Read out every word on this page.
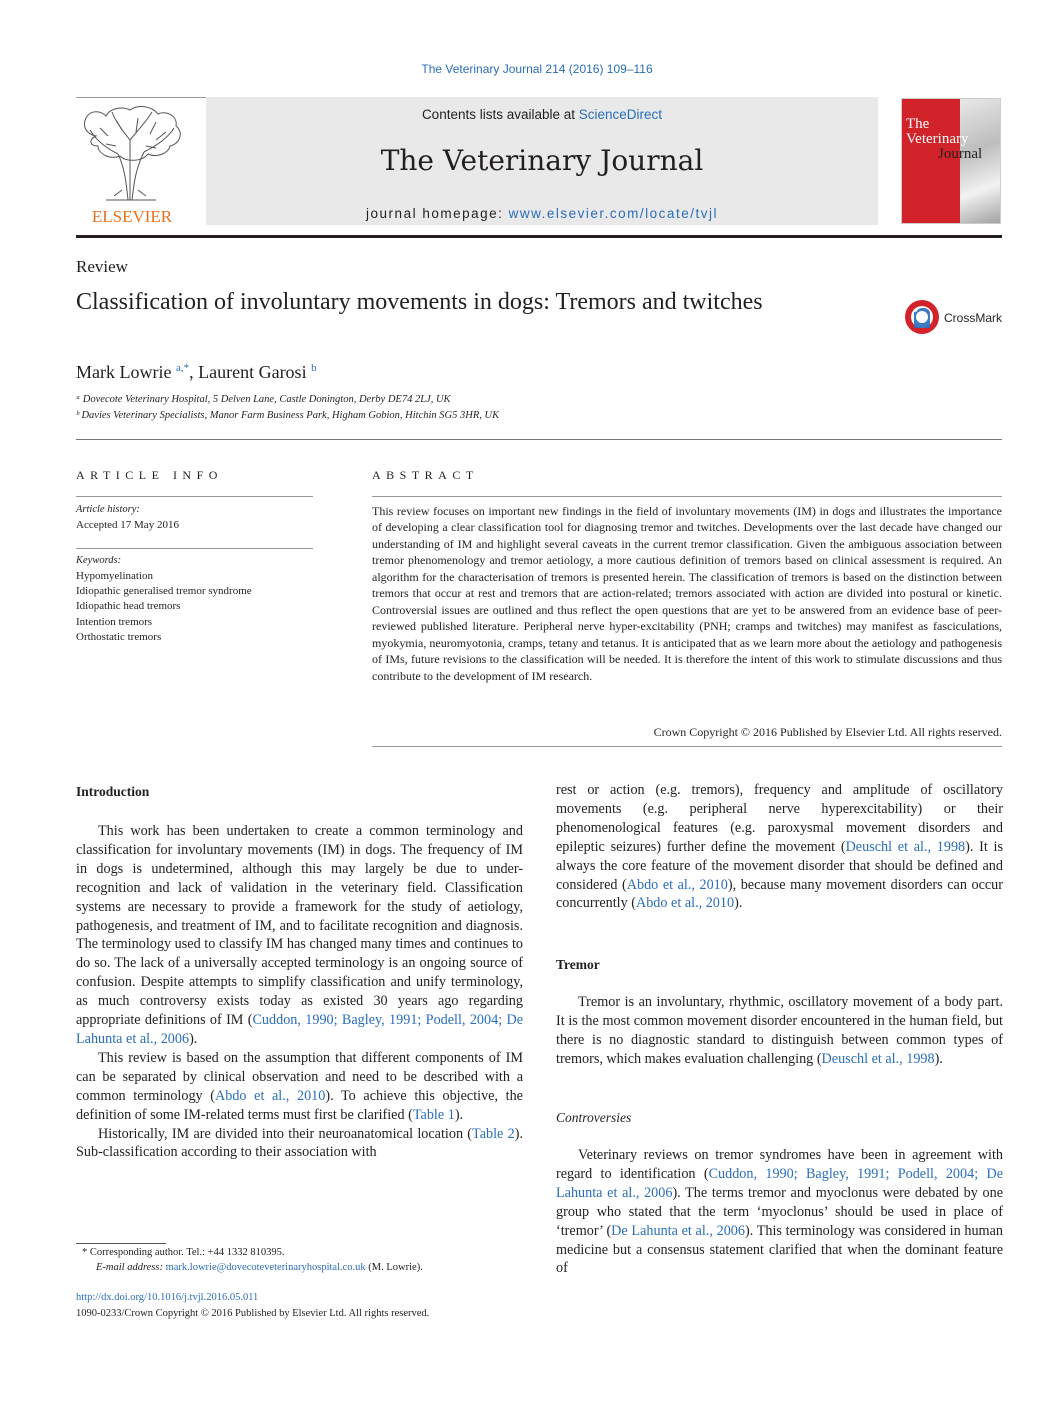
The Veterinary Journal 214 (2016) 109–116
Contents lists available at ScienceDirect
The Veterinary Journal
journal homepage: www.elsevier.com/locate/tvjl
ELSEVIER
The
Veterinary
Journal
Review
Classification of involuntary movements in dogs: Tremors and twitches
CrossMark
Mark Lowrie $^{a,*}$, Laurent Garosi $^b$
ᵃ Dovecote Veterinary Hospital, 5 Delven Lane, Castle Donington, Derby DE74 2LJ, UK
ᵇ Davies Veterinary Specialists, Manor Farm Business Park, Higham Gobion, Hitchin SG5 3HR, UK
ARTICLE INFO
Article history:
Accepted 17 May 2016
Keywords:
Hypomyelination
Idiopathic generalised tremor syndrome
Idiopathic head tremors
Intention tremors
Orthostatic tremors
ABSTRACT
This review focuses on important new findings in the field of involuntary movements (IM) in dogs and illustrates the importance of developing a clear classification tool for diagnosing tremor and twitches. Developments over the last decade have changed our understanding of IM and highlight several caveats in the current tremor classification. Given the ambiguous association between tremor phenomenology and tremor aetiology, a more cautious definition of tremors based on clinical assessment is required. An algorithm for the characterisation of tremors is presented herein. The classification of tremors is based on the distinction between tremors that occur at rest and tremors that are action-related; tremors associated with action are divided into postural or kinetic. Controversial issues are outlined and thus reflect the open questions that are yet to be answered from an evidence base of peer-reviewed published literature. Peripheral nerve hyper-excitability (PNH; cramps and twitches) may manifest as fasciculations, myokymia, neuromyotonia, cramps, tetany and tetanus. It is anticipated that as we learn more about the aetiology and pathogenesis of IMs, future revisions to the classification will be needed. It is therefore the intent of this work to stimulate discussions and thus contribute to the development of IM research.
Crown Copyright © 2016 Published by Elsevier Ltd. All rights reserved.
Introduction

This work has been undertaken to create a common terminology and classification for involuntary movements (IM) in dogs. The frequency of IM in dogs is undetermined, although this may largely be due to under-recognition and lack of validation in the veterinary field. Classification systems are necessary to provide a framework for the study of aetiology, pathogenesis, and treatment of IM, and to facilitate recognition and diagnosis. The terminology used to classify IM has changed many times and continues to do so. The lack of a universally accepted terminology is an ongoing source of confusion. Despite attempts to simplify classification and unify terminology, as much controversy exists today as existed 30 years ago regarding appropriate definitions of IM (Cuddon, 1990; Bagley, 1991; Podell, 2004; De Lahunta et al., 2006).

This review is based on the assumption that different components of IM can be separated by clinical observation and need to be described with a common terminology (Abdo et al., 2010). To achieve this objective, the definition of some IM-related terms must first be clarified (Table 1).

Historically, IM are divided into their neuroanatomical location (Table 2). Sub-classification according to their association with

rest or action (e.g. tremors), frequency and amplitude of oscillatory movements (e.g. peripheral nerve hyperexcitability) or their phenomenological features (e.g. paroxysmal movement disorders and epileptic seizures) further define the movement (Deuschl et al., 1998). It is always the core feature of the movement disorder that should be defined and considered (Abdo et al., 2010), because many movement disorders can occur concurrently (Abdo et al., 2010).
Tremor

Tremor is an involuntary, rhythmic, oscillatory movement of a body part. It is the most common movement disorder encountered in the human field, but there is no diagnostic standard to distinguish between common types of tremors, which makes evaluation challenging (Deuschl et al., 1998).

Controversies

Veterinary reviews on tremor syndromes have been in agreement with regard to identification (Cuddon, 1990; Bagley, 1991; Podell, 2004; De Lahunta et al., 2006). The terms tremor and myoclonus were debated by one group who stated that the term ‘myoclonus’ should be used in place of ‘tremor’ (De Lahunta et al., 2006). This terminology was considered in human medicine but a consensus statement clarified that when the dominant feature of

* Corresponding author. Tel.: +44 1332 810395.
E-mail address: mark.lowrie@dovecoteveterinaryhospital.co.uk (M. Lowrie).
http://dx.doi.org/10.1016/j.tvjl.2016.05.011
1090-0233/Crown Copyright © 2016 Published by Elsevier Ltd. All rights reserved.
